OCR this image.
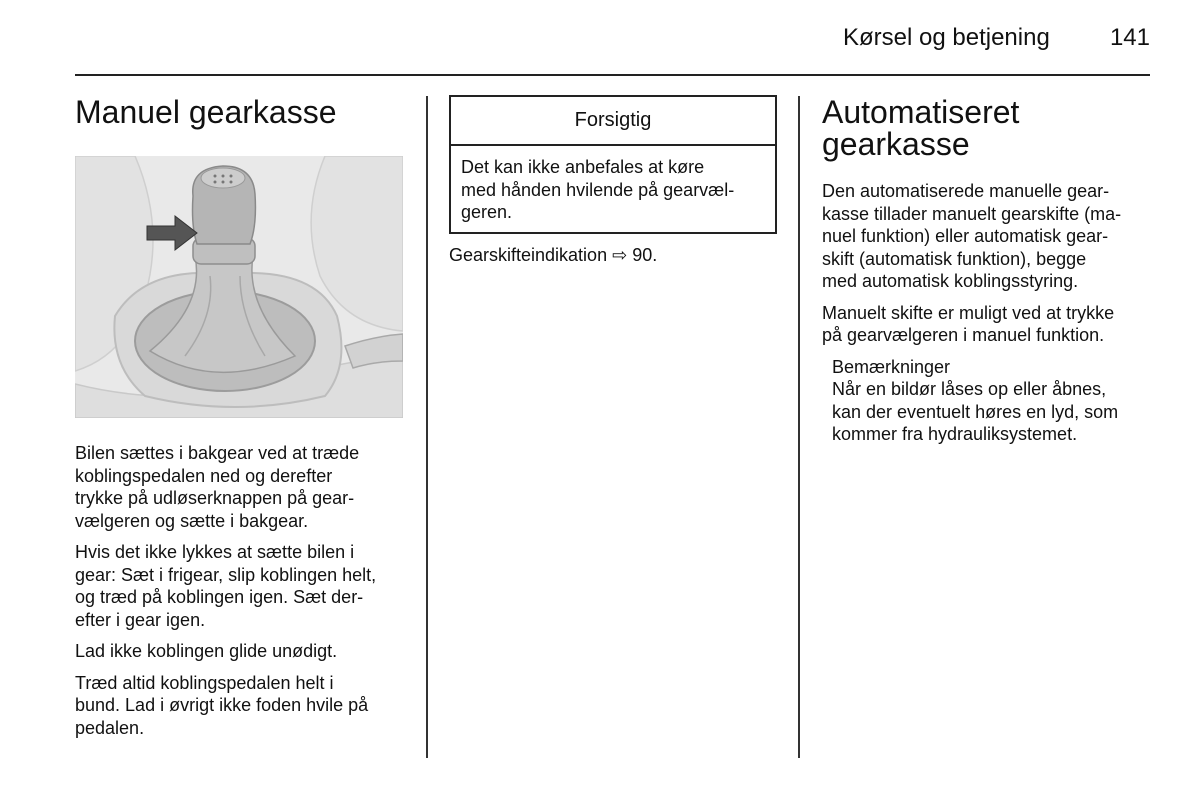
Kørsel og betjening	141
Manuel gearkasse

Bilen sættes i bakgear ved at træde
koblingspedalen ned og derefter
trykke på udløserknappen på gear-
vælgeren og sætte i bakgear.

Hvis det ikke lykkes at sætte bilen i
gear: Sæt i frigear, slip koblingen helt,
og træd på koblingen igen. Sæt der-
efter i gear igen.

Lad ikke koblingen glide unødigt.

Træd altid koblingspedalen helt i
bund. Lad i øvrigt ikke foden hvile på
pedalen.

Forsigtig
Det kan ikke anbefales at køre
med hånden hvilende på gearvæl-
geren.
Gearskifteindikation ⇨ 90.
Automatiseret
gearkasse

Den automatiserede manuelle gear-
kasse tillader manuelt gearskifte (ma-
nuel funktion) eller automatisk gear-
skift (automatisk funktion), begge
med automatisk koblingsstyring.

Manuelt skifte er muligt ved at trykke
på gearvælgeren i manuel funktion.

Bemærkninger

Når en bildør låses op eller åbnes,
kan der eventuelt høres en lyd, som
kommer fra hydrauliksystemet.
